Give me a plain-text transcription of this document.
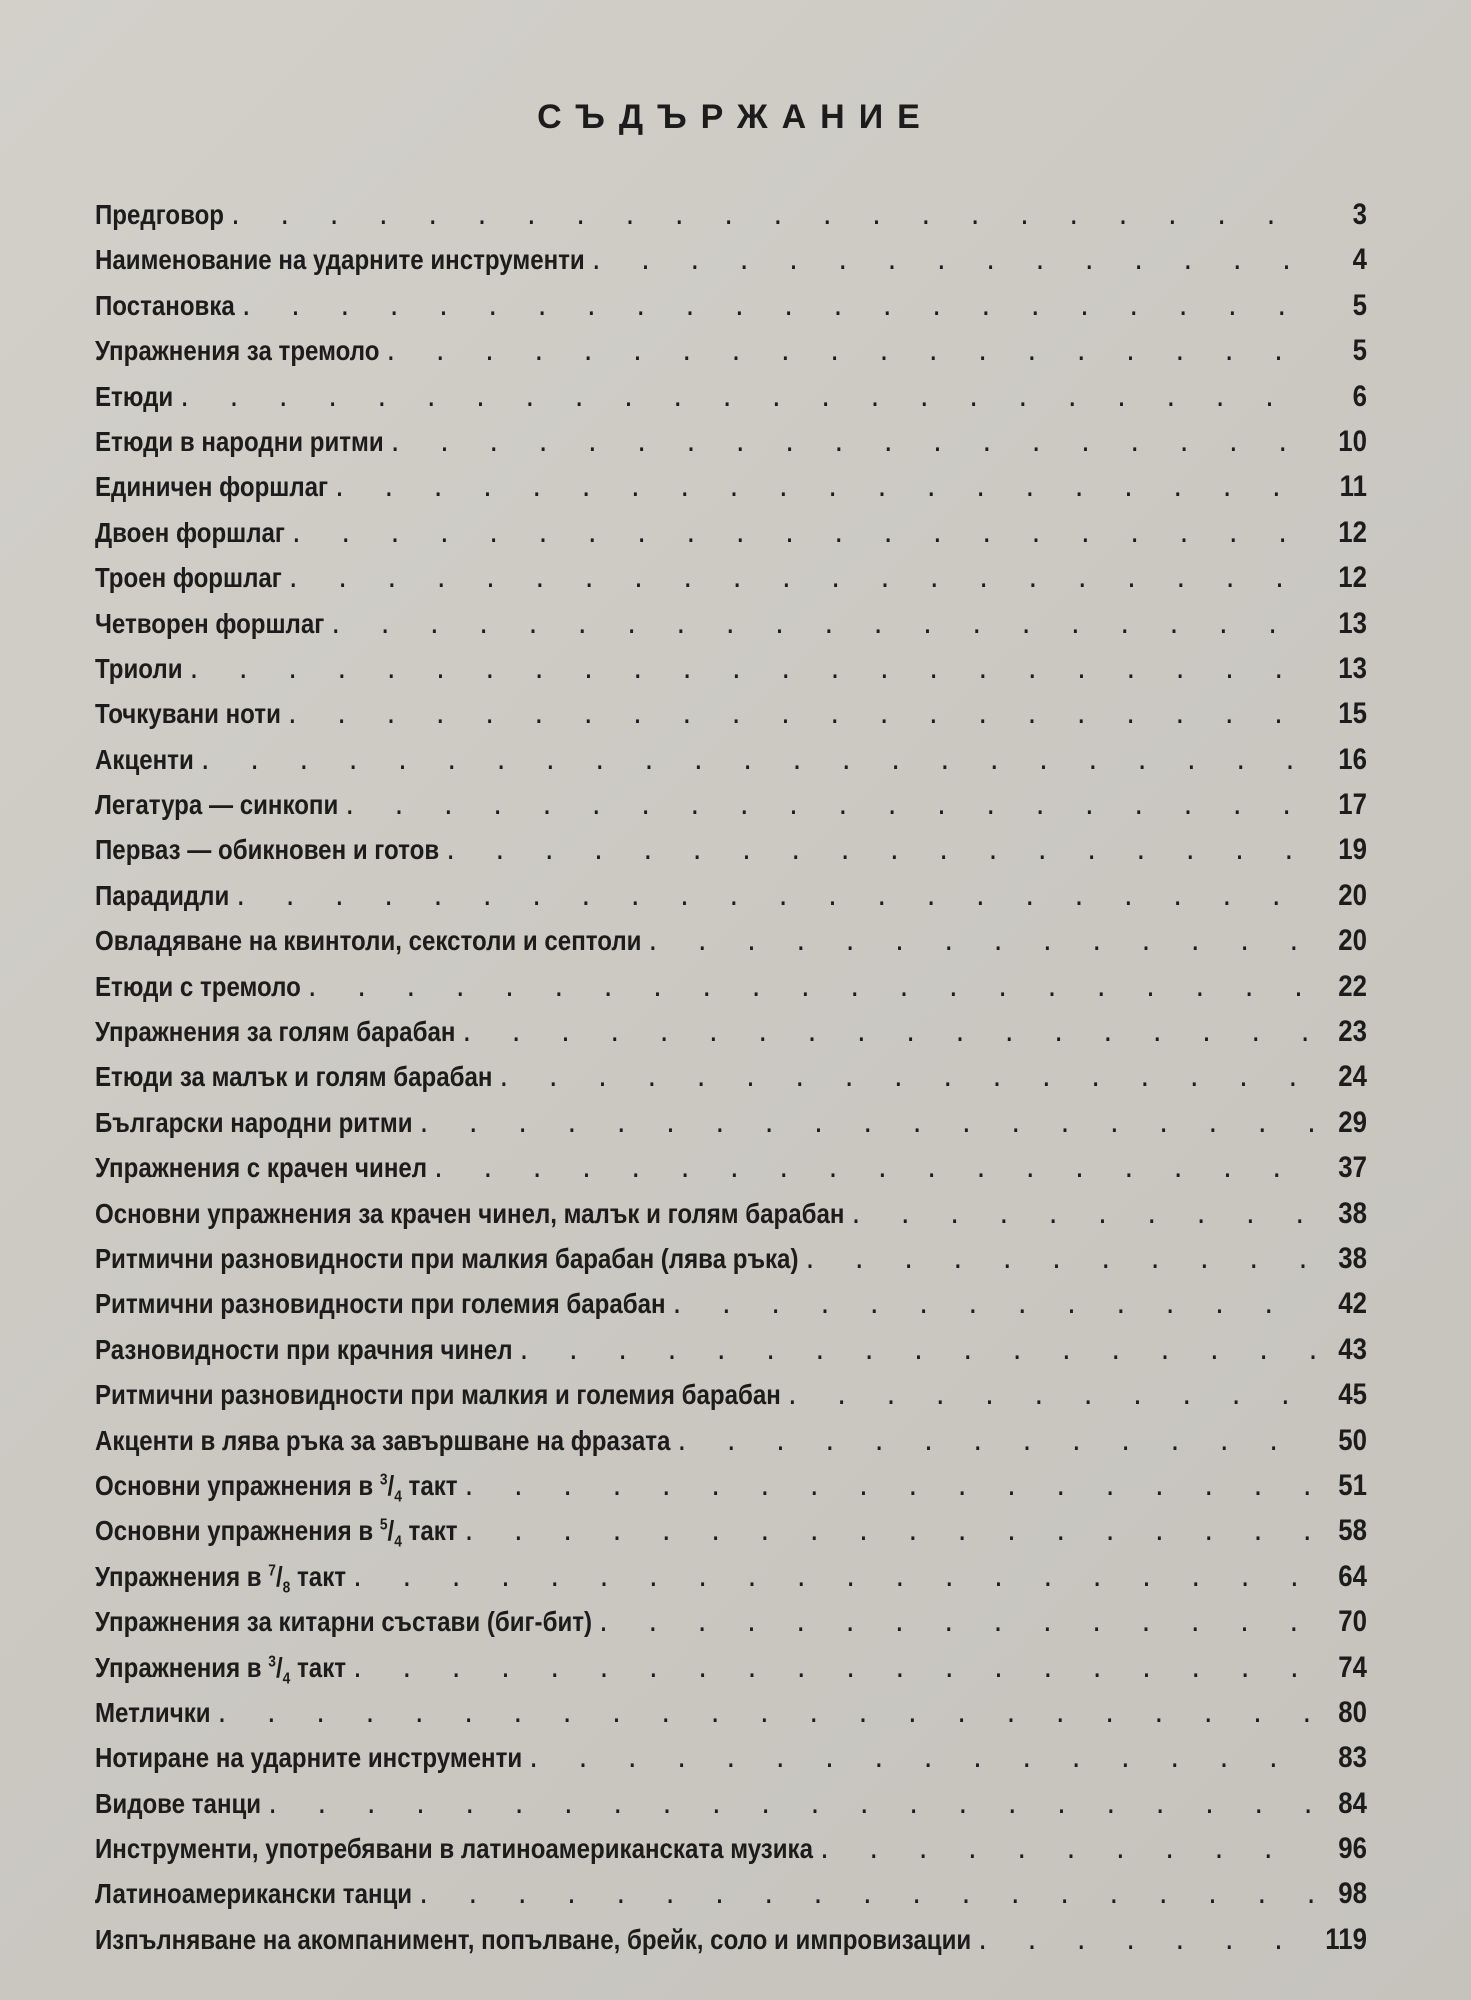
СЪДЪРЖАНИЕ
Предговор . . .	3
Наименование на ударните инструменти . . .	4
Постановка . . .	5
Упражнения за тремоло . . .	5
Етюди . . .	6
Етюди в народни ритми . . .	10
Единичен форшлаг . . .	11
Двоен форшлаг . . .	12
Троен форшлаг . . .	12
Четворен форшлаг . . .	13
Триоли . . .	13
Точкувани ноти . . .	15
Акценти . . .	16
Легатура — синкопи . . .	17
Перваз — обикновен и готов . . .	19
Парадидли . . .	20
Овладяване на квинтоли, секстоли и септоли . . .	20
Етюди с тремоло . . .	22
Упражнения за голям барабан . . .	23
Етюди за малък и голям барабан . . .	24
Български народни ритми . . .	29
Упражнения с крачен чинел . . .	37
Основни упражнения за крачен чинел, малък и голям барабан . . .	38
Ритмични разновидности при малкия барабан (лява ръка) . . .	38
Ритмични разновидности при големия барабан . . .	42
Разновидности при крачния чинел . . .	43
Ритмични разновидности при малкия и големия барабан . . .	45
Акценти в лява ръка за завършване на фразата . . .	50
Основни упражнения в $^3/_4$ такт . . .	51
Основни упражнения в $^5/_4$ такт . . .	58
Упражнения в $^7/_8$ такт . . .	64
Упражнения за китарни състави (биг-бит) . . .	70
Упражнения в $^3/_4$ такт . . .	74
Метлички . . .	80
Нотиране на ударните инструменти . . .	83
Видове танци . . .	84
Инструменти, употребявани в латиноамериканската музика . . .	96
Латиноамерикански танци . . .	98
Изпълняване на акомпанимент, попълване, брейк, соло и импровизации . . .	119
